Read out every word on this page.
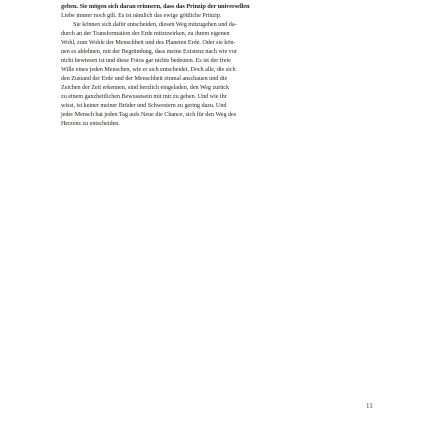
geben. Sie mögen sich daran erinnern, dass das Prinzip der universellen
Liebe immer noch gilt. Es ist nämlich das ewige göttliche Prinzip.
Sie können sich dafür entscheiden, diesen Weg mitzugehen und da-
durch an der Transformation der Erde mitzuwirken, zu ihrem eigenen
Wohl, zum Wohle der Menschheit und des Planeten Erde. Oder sie kön-
nen es ablehnen, mit der Begründung, dass meine Existenz nach wie vor
nicht bewiesen ist und diese Fotos gar nichts bedeuten. Es ist der freie
Wille eines jeden Menschen, wie er sich entscheidet. Doch alle, die sich
den Zustand der Erde und der Menschheit einmal anschauen und die
Zeichen der Zeit erkennen, sind herzlich eingeladen, den Weg zurück
zu einem ganzheitlichen Bewusstsein mit mir zu gehen. Und wie ihr
wisst, ist keiner meiner Brüder und Schwestern zu gering dazu. Und
jeder Mensch hat jeden Tag aufs Neue die Chance, sich für den Weg des
Herzens zu entscheiden.
11
